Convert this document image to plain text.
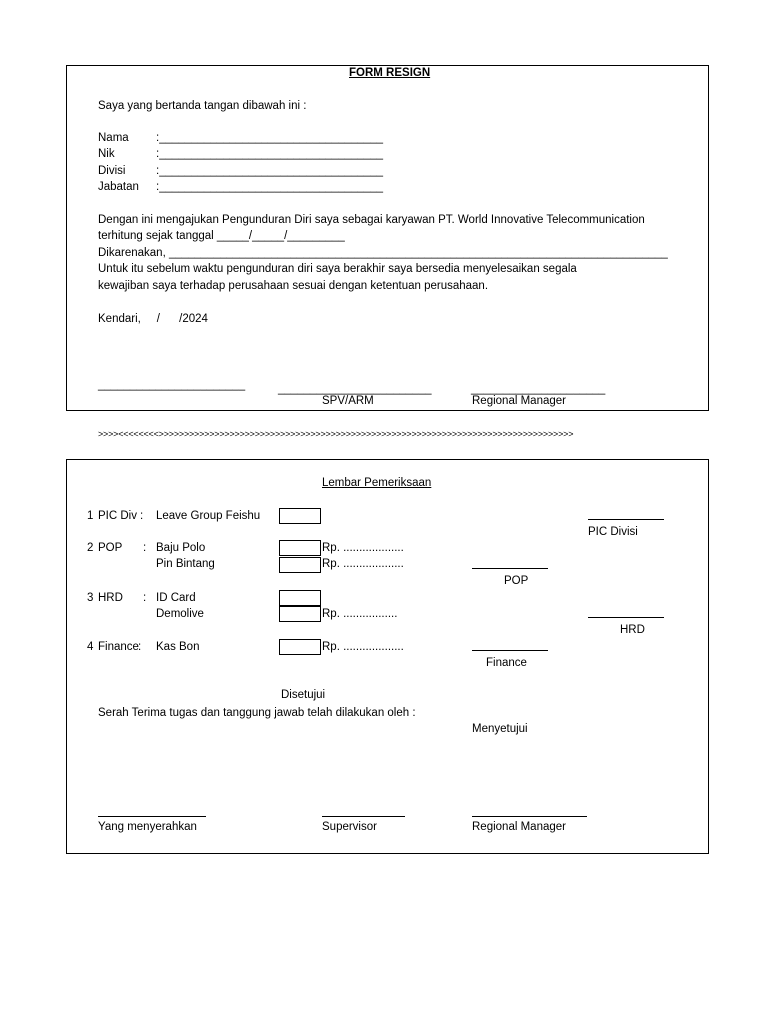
FORM RESIGN
Saya yang bertanda tangan dibawah ini :
Nama :___________________________________
Nik	:___________________________________
Divisi	:___________________________________
Jabatan :___________________________________
Dengan ini mengajukan Pengunduran Diri saya sebagai karyawan PT. World Innovative Telecommunication
terhitung sejak tanggal _____/_____/_________
Dikarenakan, ______________________________________________________________________________
Untuk itu sebelum waktu pengunduran diri saya berakhir saya bersedia menyelesaikan segala
kewajiban saya terhadap perusahaan sesuai dengan ketentuan perusahaan.
Kendari,     /      /2024
_______________________	________________________	_____________________
SPV/ARM	Regional Manager
>>>><<<<<<<<>>>>>>>>>>>>>>>>>>>>>>>>>>>>>>>>>>>>>>>>>>>>>>>>>>>>>>>>>>>>>>>>>>>>>>>>>>>>>>>>>>
Lembar Pemeriksaan
1 PIC Div : Leave Group Feishu
2 POP : Baju Polo	Rp. ...................
Pin Bintang	Rp. ...................
3 HRD : ID Card
Demolive	Rp. .................
4 Finance : Kas Bon	Rp. ...................
PIC Divisi
POP
HRD
Finance
Disetujui
Serah Terima tugas dan tanggung jawab telah dilakukan oleh :
Menyetujui
Yang menyerahkan	Supervisor	Regional Manager
